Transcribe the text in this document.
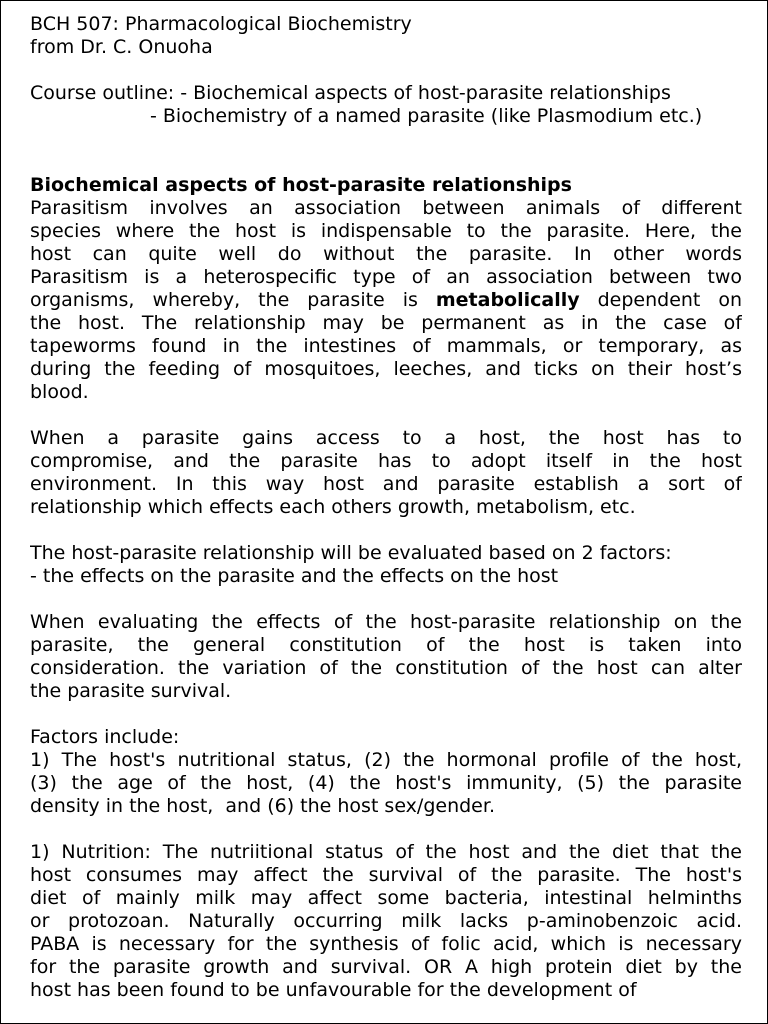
BCH 507: Pharmacological Biochemistry
from Dr. C. Onuoha
Course outline: - Biochemical aspects of host-parasite relationships
- Biochemistry of a named parasite (like Plasmodium etc.)
Biochemical aspects of host-parasite relationships
Parasitism involves an association between animals of different
species where the host is indispensable to the parasite. Here, the
host can quite well do without the parasite. In other words
Parasitism is a heterospecific type of an association between two
organisms, whereby, the parasite is metabolically dependent on
the host. The relationship may be permanent as in the case of
tapeworms found in the intestines of mammals, or temporary, as
during the feeding of mosquitoes, leeches, and ticks on their host’s
blood.
When a parasite gains access to a host, the host has to
compromise, and the parasite has to adopt itself in the host
environment. In this way host and parasite establish a sort of
relationship which effects each others growth, metabolism, etc.
The host-parasite relationship will be evaluated based on 2 factors:
- the effects on the parasite and the effects on the host
When evaluating the effects of the host-parasite relationship on the
parasite, the general constitution of the host is taken into
consideration. the variation of the constitution of the host can alter
the parasite survival.
Factors include:
1) The host's nutritional status, (2) the hormonal profile of the host,
(3) the age of the host, (4) the host's immunity, (5) the parasite
density in the host,  and (6) the host sex/gender.
1) Nutrition: The nutriitional status of the host and the diet that the
host consumes may affect the survival of the parasite. The host's
diet of mainly milk may affect some bacteria, intestinal helminths
or protozoan. Naturally occurring milk lacks p-aminobenzoic acid.
PABA is necessary for the synthesis of folic acid, which is necessary
for the parasite growth and survival. OR A high protein diet by the
host has been found to be unfavourable for the development of
